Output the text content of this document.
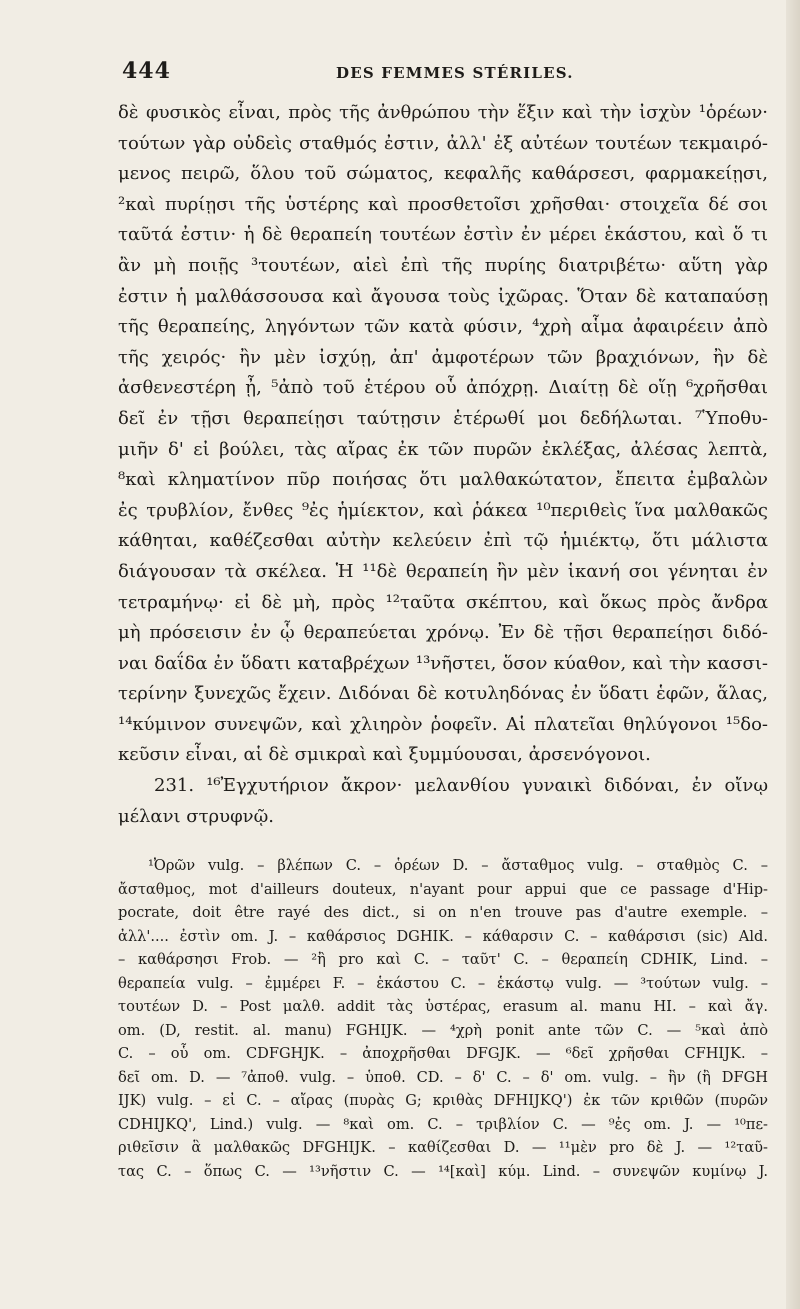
444	DES FEMMES STÉRILES.
δὲ φυσικὸς εἶναι, πρὸς τῆς ἀνθρώπου τὴν ἕξιν καὶ τὴν ἰσχὺν ¹ὁρέων·
τούτων γὰρ οὐδεὶς σταθμός ἐστιν, ἀλλ' ἐξ αὐτέων τουτέων τεκμαιρό-
μενος πειρῶ, ὅλου τοῦ σώματος, κεφαλῆς καθάρσεσι, φαρμακείῃσι,
²καὶ πυρίῃσι τῆς ὑστέρης καὶ προσθετοῖσι χρῆσθαι· στοιχεῖα δέ σοι
ταῦτά ἐστιν· ἡ δὲ θεραπείη τουτέων ἐστὶν ἐν μέρει ἑκάστου, καὶ ὅ τι
ἂν μὴ ποιῇς ³τουτέων, αἰεὶ ἐπὶ τῆς πυρίης διατριβέτω· αὕτη γὰρ
ἐστιν ἡ μαλθάσσουσα καὶ ἄγουσα τοὺς ἰχῶρας. Ὅταν δὲ καταπαύσῃ
τῆς θεραπείης, ληγόντων τῶν κατὰ φύσιν, ⁴χρὴ αἷμα ἀφαιρέειν ἀπὸ
τῆς χειρός· ἢν μὲν ἰσχύῃ, ἀπ' ἀμφοτέρων τῶν βραχιόνων, ἢν δὲ
ἀσθενεστέρη ᾖ, ⁵ἀπὸ τοῦ ἑτέρου οὗ ἀπόχρῃ. Διαίτῃ δὲ οἵῃ ⁶χρῆσθαι
δεῖ ἐν τῇσι θεραπείῃσι ταύτῃσιν ἑτέρωθί μοι δεδήλωται. ⁷Ὑποθυ-
μιῆν δ' εἰ βούλει, τὰς αἴρας ἐκ τῶν πυρῶν ἐκλέξας, ἀλέσας λεπτὰ,
⁸καὶ κληματίνον πῦρ ποιήσας ὅτι μαλθακώτατον, ἔπειτα ἐμβαλὼν
ἐς τρυβλίον, ἔνθες ⁹ἐς ἡμίεκτον, καὶ ῥάκεα ¹⁰περιθεὶς ἵνα μαλθακῶς
κάθηται, καθέζεσθαι αὐτὴν κελεύειν ἐπὶ τῷ ἡμιέκτῳ, ὅτι μάλιστα
διάγουσαν τὰ σκέλεα. Ἡ ¹¹δὲ θεραπείη ἢν μὲν ἱκανή σοι γένηται ἐν
τετραμήνῳ· εἰ δὲ μὴ, πρὸς ¹²ταῦτα σκέπτου, καὶ ὅκως πρὸς ἄνδρα
μὴ πρόσεισιν ἐν ᾧ θεραπεύεται χρόνῳ. Ἐν δὲ τῇσι θεραπείῃσι διδό-
ναι δαΐδα ἐν ὕδατι καταβρέχων ¹³νῆστει, ὅσον κύαθον, καὶ τὴν κασσι-
τερίνην ξυνεχῶς ἔχειν. Διδόναι δὲ κοτυληδόνας ἐν ὕδατι ἑφῶν, ἅλας,
¹⁴κύμινον συνεψῶν, καὶ χλιηρὸν ῥοφεῖν. Αἱ πλατεῖαι θηλύγονοι ¹⁵δο-
κεῦσιν εἶναι, αἱ δὲ σμικραὶ καὶ ξυμμύουσαι, ἀρσενόγονοι.
231. ¹⁶Ἐγχυτήριον ἄκρον· μελανθίου γυναικὶ διδόναι, ἐν οἴνῳ
μέλανι στρυφνῷ.
¹Ὀρῶν vulg. – βλέπων C. – ὁρέων D. – ἄσταθμος vulg. – σταθμὸς C. –
ἄσταθμος, mot d'ailleurs douteux, n'ayant pour appui que ce passage d'Hip-
pocrate, doit être rayé des dict., si on n'en trouve pas d'autre exemple. –
ἀλλ'.... ἐστὶν om. J. – καθάρσιος DGHIK. – κάθαρσιν C. – καθάρσισι (sic) Ald.
– καθάρσησι Frob. — ²ἢ pro καὶ C. – ταῦτ' C. – θεραπείη CDHIK, Lind. –
θεραπεία vulg. – ἐμμέρει F. – ἑκάστου C. – ἑκάστῳ vulg. — ³τούτων vulg. –
τουτέων D. – Post μαλθ. addit τὰς ὑστέρας, erasum al. manu HI. – καὶ ἄγ.
om. (D, restit. al. manu) FGHIJK. — ⁴χρὴ ponit ante τῶν C. — ⁵καὶ ἀπὸ
C. – οὗ om. CDFGHJK. – ἀποχρῆσθαι DFGJK. — ⁶δεῖ χρῆσθαι CFHIJK. –
δεῖ om. D. — ⁷ἀποθ. vulg. – ὑποθ. CD. – δ' C. – δ' om. vulg. – ἢν (ἢ DFGH
IJK) vulg. – εἰ C. – αἴρας (πυρὰς G; κριθὰς DFHIJKQ') ἐκ τῶν κριθῶν (πυρῶν
CDHIJKQ', Lind.) vulg. — ⁸καὶ om. C. – τριβλίον C. — ⁹ἐς om. J. — ¹⁰πε-
ριθεῖσιν ἃ μαλθακῶς DFGHIJK. – καθίζεσθαι D. — ¹¹μὲν pro δὲ J. — ¹²ταῦ-
τας C. – ὅπως C. — ¹³νῆστιν C. — ¹⁴[καὶ] κύμ. Lind. – συνεψῶν κυμίνῳ J.
